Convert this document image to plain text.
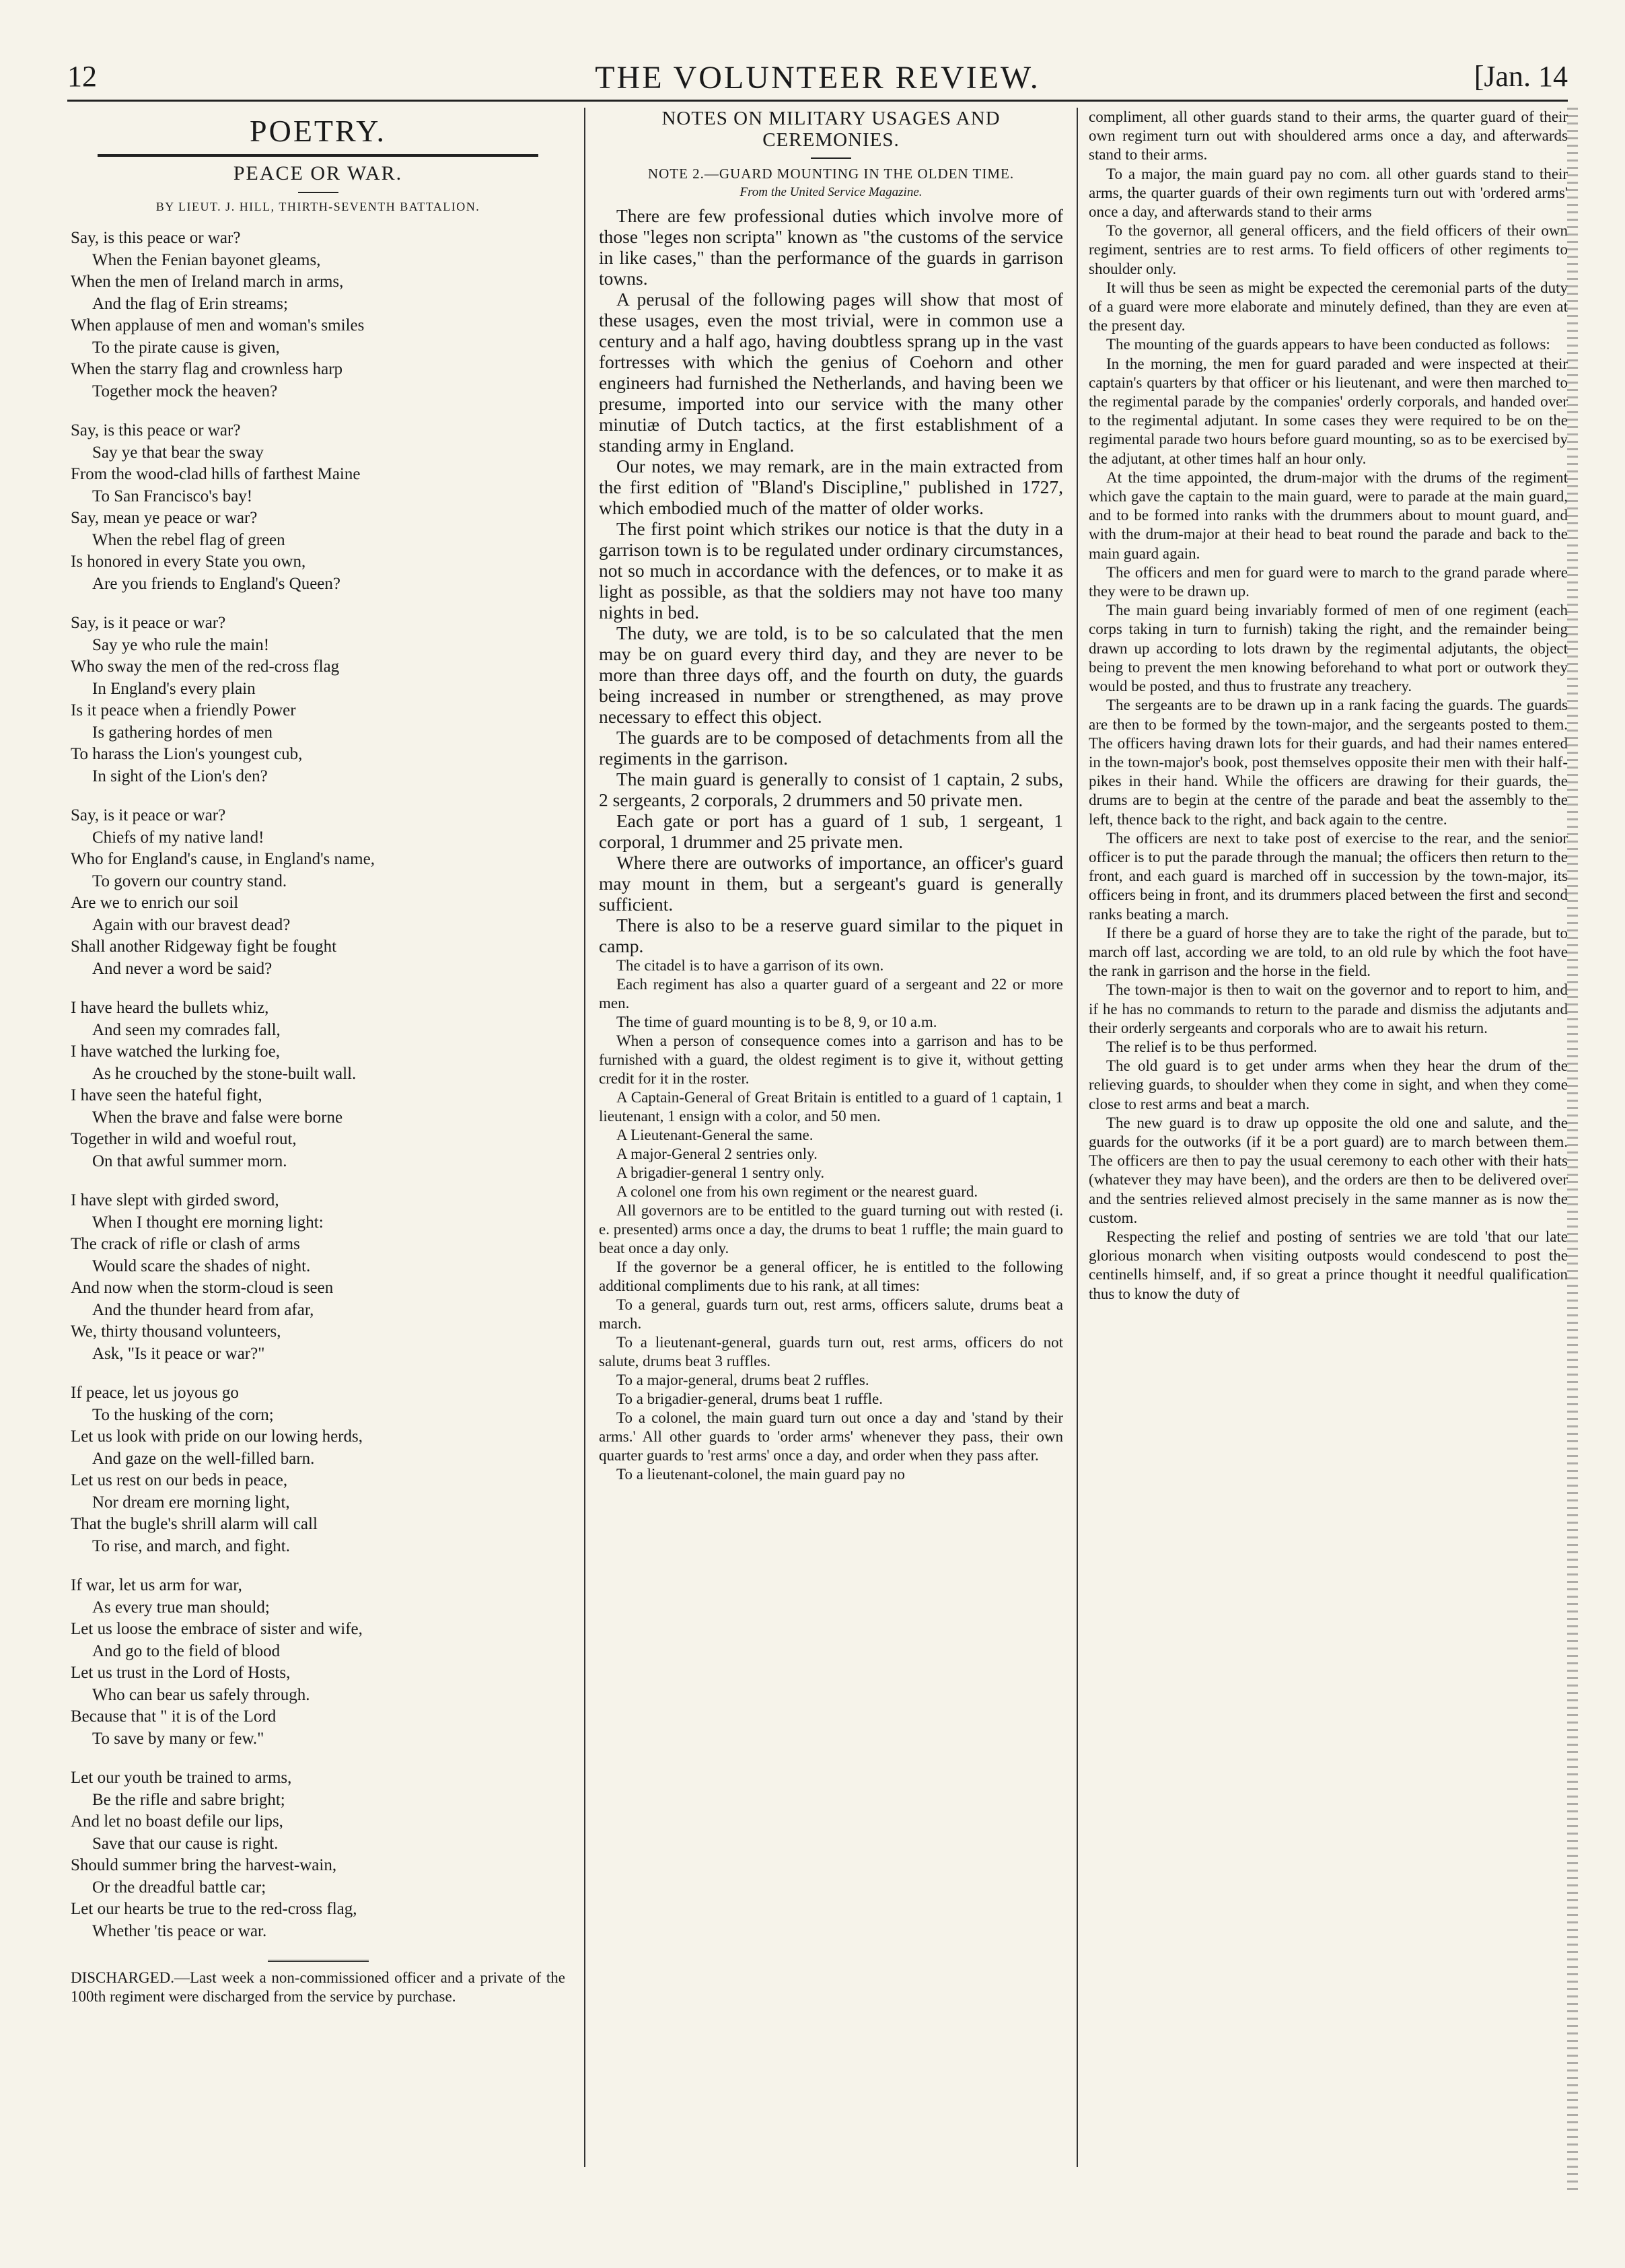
12	THE VOLUNTEER REVIEW.	[Jan. 14
POETRY.
PEACE OR WAR.
BY LIEUT. J. HILL, THIRTH-SEVENTH BATTALION.
Say, is this peace or war?
When the Fenian bayonet gleams,
When the men of Ireland march in arms,
And the flag of Erin streams;
When applause of men and woman's smiles
To the pirate cause is given,
When the starry flag and crownless harp
Together mock the heaven?
Say, is this peace or war?
Say ye that bear the sway
From the wood-clad hills of farthest Maine
To San Francisco's bay!
Say, mean ye peace or war?
When the rebel flag of green
Is honored in every State you own,
Are you friends to England's Queen?
Say, is it peace or war?
Say ye who rule the main!
Who sway the men of the red-cross flag
In England's every plain
Is it peace when a friendly Power
Is gathering hordes of men
To harass the Lion's youngest cub,
In sight of the Lion's den?
Say, is it peace or war?
Chiefs of my native land!
Who for England's cause, in England's name,
To govern our country stand.
Are we to enrich our soil
Again with our bravest dead?
Shall another Ridgeway fight be fought
And never a word be said?
I have heard the bullets whiz,
And seen my comrades fall,
I have watched the lurking foe,
As he crouched by the stone-built wall.
I have seen the hateful fight,
When the brave and false were borne
Together in wild and woeful rout,
On that awful summer morn.
I have slept with girded sword,
When I thought ere morning light:
The crack of rifle or clash of arms
Would scare the shades of night.
And now when the storm-cloud is seen
And the thunder heard from afar,
We, thirty thousand volunteers,
Ask, "Is it peace or war?"
If peace, let us joyous go
To the husking of the corn;
Let us look with pride on our lowing herds,
And gaze on the well-filled barn.
Let us rest on our beds in peace,
Nor dream ere morning light,
That the bugle's shrill alarm will call
To rise, and march, and fight.
If war, let us arm for war,
As every true man should;
Let us loose the embrace of sister and wife,
And go to the field of blood
Let us trust in the Lord of Hosts,
Who can bear us safely through.
Because that " it is of the Lord
To save by many or few."
Let our youth be trained to arms,
Be the rifle and sabre bright;
And let no boast defile our lips,
Save that our cause is right.
Should summer bring the harvest-wain,
Or the dreadful battle car;
Let our hearts be true to the red-cross flag,
Whether 'tis peace or war.

DISCHARGED.—Last week a non-commissioned officer and a private of the 100th regiment were discharged from the service by purchase.

NOTES ON MILITARY USAGES AND CEREMONIES.
NOTE 2.—GUARD MOUNTING IN THE OLDEN TIME.
From the United Service Magazine.

There are few professional duties which involve more of those "leges non scripta" known as "the customs of the service in like cases," than the performance of the guards in garrison towns.

A perusal of the following pages will show that most of these usages, even the most trivial, were in common use a century and a half ago, having doubtless sprang up in the vast fortresses with which the genius of Coehorn and other engineers had furnished the Netherlands, and having been we presume, imported into our service with the many other minutiæ of Dutch tactics, at the first establishment of a standing army in England.

Our notes, we may remark, are in the main extracted from the first edition of "Bland's Discipline," published in 1727, which embodied much of the matter of older works.

The first point which strikes our notice is that the duty in a garrison town is to be regulated under ordinary circumstances, not so much in accordance with the defences, or to make it as light as possible, as that the soldiers may not have too many nights in bed.

The duty, we are told, is to be so calculated that the men may be on guard every third day, and they are never to be more than three days off, and the fourth on duty, the guards being increased in number or strengthened, as may prove necessary to effect this object.

The guards are to be composed of detachments from all the regiments in the garrison.

The main guard is generally to consist of 1 captain, 2 subs, 2 sergeants, 2 corporals, 2 drummers and 50 private men.

Each gate or port has a guard of 1 sub, 1 sergeant, 1 corporal, 1 drummer and 25 private men.

Where there are outworks of importance, an officer's guard may mount in them, but a sergeant's guard is generally sufficient.

There is also to be a reserve guard similar to the piquet in camp.

The citadel is to have a garrison of its own.

Each regiment has also a quarter guard of a sergeant and 22 or more men.

The time of guard mounting is to be 8, 9, or 10 a.m.

When a person of consequence comes into a garrison and has to be furnished with a guard, the oldest regiment is to give it, without getting credit for it in the roster.

A Captain-General of Great Britain is entitled to a guard of 1 captain, 1 lieutenant, 1 ensign with a color, and 50 men.

A Lieutenant-General the same.

A major-General 2 sentries only.

A brigadier-general 1 sentry only.

A colonel one from his own regiment or the nearest guard.

All governors are to be entitled to the guard turning out with rested (i. e. presented) arms once a day, the drums to beat 1 ruffle; the main guard to beat once a day only.

If the governor be a general officer, he is entitled to the following additional compliments due to his rank, at all times:

To a general, guards turn out, rest arms, officers salute, drums beat a march.

To a lieutenant-general, guards turn out, rest arms, officers do not salute, drums beat 3 ruffles.

To a major-general, drums beat 2 ruffles.

To a brigadier-general, drums beat 1 ruffle.

To a colonel, the main guard turn out once a day and 'stand by their arms.' All other guards to 'order arms' whenever they pass, their own quarter guards to 'rest arms' once a day, and order when they pass after.

To a lieutenant-colonel, the main guard pay no

compliment, all other guards stand to their arms, the quarter guard of their own regiment turn out with shouldered arms once a day, and afterwards stand to their arms.

To a major, the main guard pay no com. all other guards stand to their arms, the quarter guards of their own regiments turn out with 'ordered arms' once a day, and afterwards stand to their arms

To the governor, all general officers, and the field officers of their own regiment, sentries are to rest arms. To field officers of other regiments to shoulder only.

It will thus be seen as might be expected the ceremonial parts of the duty of a guard were more elaborate and minutely defined, than they are even at the present day.

The mounting of the guards appears to have been conducted as follows:

In the morning, the men for guard paraded and were inspected at their captain's quarters by that officer or his lieutenant, and were then marched to the regimental parade by the companies' orderly corporals, and handed over to the regimental adjutant. In some cases they were required to be on the regimental parade two hours before guard mounting, so as to be exercised by the adjutant, at other times half an hour only.

At the time appointed, the drum-major with the drums of the regiment which gave the captain to the main guard, were to parade at the main guard, and to be formed into ranks with the drummers about to mount guard, and with the drum-major at their head to beat round the parade and back to the main guard again.

The officers and men for guard were to march to the grand parade where they were to be drawn up.

The main guard being invariably formed of men of one regiment (each corps taking in turn to furnish) taking the right, and the remainder being drawn up according to lots drawn by the regimental adjutants, the object being to prevent the men knowing beforehand to what port or outwork they would be posted, and thus to frustrate any treachery.

The sergeants are to be drawn up in a rank facing the guards. The guards are then to be formed by the town-major, and the sergeants posted to them. The officers having drawn lots for their guards, and had their names entered in the town-major's book, post themselves opposite their men with their half-pikes in their hand. While the officers are drawing for their guards, the drums are to begin at the centre of the parade and beat the assembly to the left, thence back to the right, and back again to the centre.

The officers are next to take post of exercise to the rear, and the senior officer is to put the parade through the manual; the officers then return to the front, and each guard is marched off in succession by the town-major, its officers being in front, and its drummers placed between the first and second ranks beating a march.

If there be a guard of horse they are to take the right of the parade, but to march off last, according we are told, to an old rule by which the foot have the rank in garrison and the horse in the field.

The town-major is then to wait on the governor and to report to him, and if he has no commands to return to the parade and dismiss the adjutants and their orderly sergeants and corporals who are to await his return.

The relief is to be thus performed.

The old guard is to get under arms when they hear the drum of the relieving guards, to shoulder when they come in sight, and when they come close to rest arms and beat a march.

The new guard is to draw up opposite the old one and salute, and the guards for the outworks (if it be a port guard) are to march between them. The officers are then to pay the usual ceremony to each other with their hats (whatever they may have been), and the orders are then to be delivered over and the sentries relieved almost precisely in the same manner as is now the custom.

Respecting the relief and posting of sentries we are told 'that our late glorious monarch when visiting outposts would condescend to post the centinells himself, and, if so great a prince thought it needful qualification thus to know the duty of
